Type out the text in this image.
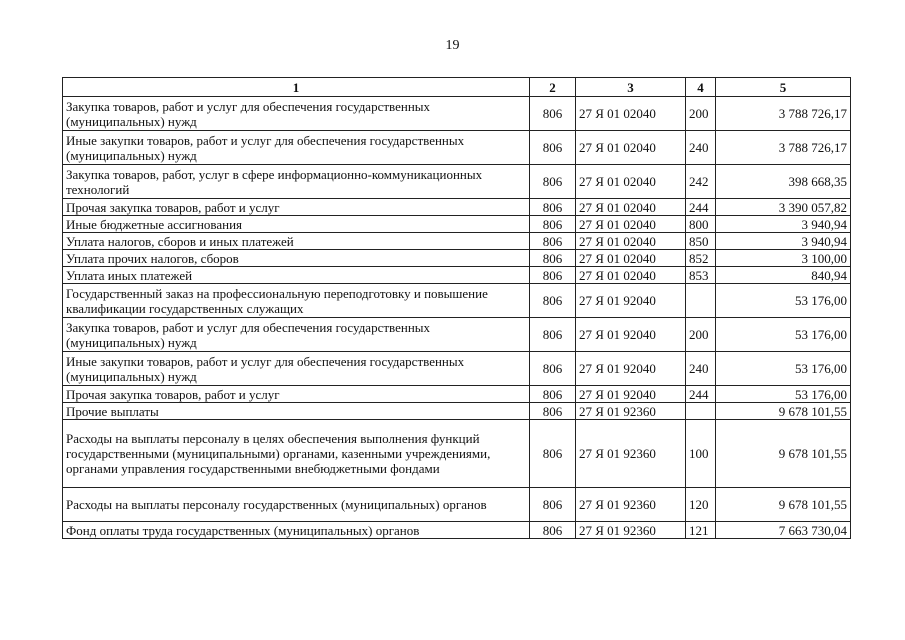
19
1	2	3	4	5
Закупка товаров, работ и услуг для обеспечения государственных (муниципальных) нужд	806	27 Я 01 02040	200	3 788 726,17
Иные закупки товаров, работ и услуг для обеспечения государственных (муниципальных) нужд	806	27 Я 01 02040	240	3 788 726,17
Закупка товаров, работ, услуг в сфере информационно-коммуникационных технологий	806	27 Я 01 02040	242	398 668,35
Прочая закупка товаров, работ и услуг	806	27 Я 01 02040	244	3 390 057,82
Иные бюджетные ассигнования	806	27 Я 01 02040	800	3 940,94
Уплата налогов, сборов и иных платежей	806	27 Я 01 02040	850	3 940,94
Уплата прочих налогов, сборов	806	27 Я 01 02040	852	3 100,00
Уплата иных платежей	806	27 Я 01 02040	853	840,94
Государственный заказ на профессиональную переподготовку и повышение квалификации государственных служащих	806	27 Я 01 92040		53 176,00
Закупка товаров, работ и услуг для обеспечения государственных (муниципальных) нужд	806	27 Я 01 92040	200	53 176,00
Иные закупки товаров, работ и услуг для обеспечения государственных (муниципальных) нужд	806	27 Я 01 92040	240	53 176,00
Прочая закупка товаров, работ и услуг	806	27 Я 01 92040	244	53 176,00
Прочие выплаты	806	27 Я 01 92360		9 678 101,55
Расходы на выплаты персоналу в целях обеспечения выполнения функций государственными (муниципальными) органами, казенными учреждениями, органами управления государственными внебюджетными фондами	806	27 Я 01 92360	100	9 678 101,55
Расходы на выплаты персоналу государственных (муниципальных) органов	806	27 Я 01 92360	120	9 678 101,55
Фонд оплаты труда государственных (муниципальных) органов	806	27 Я 01 92360	121	7 663 730,04
